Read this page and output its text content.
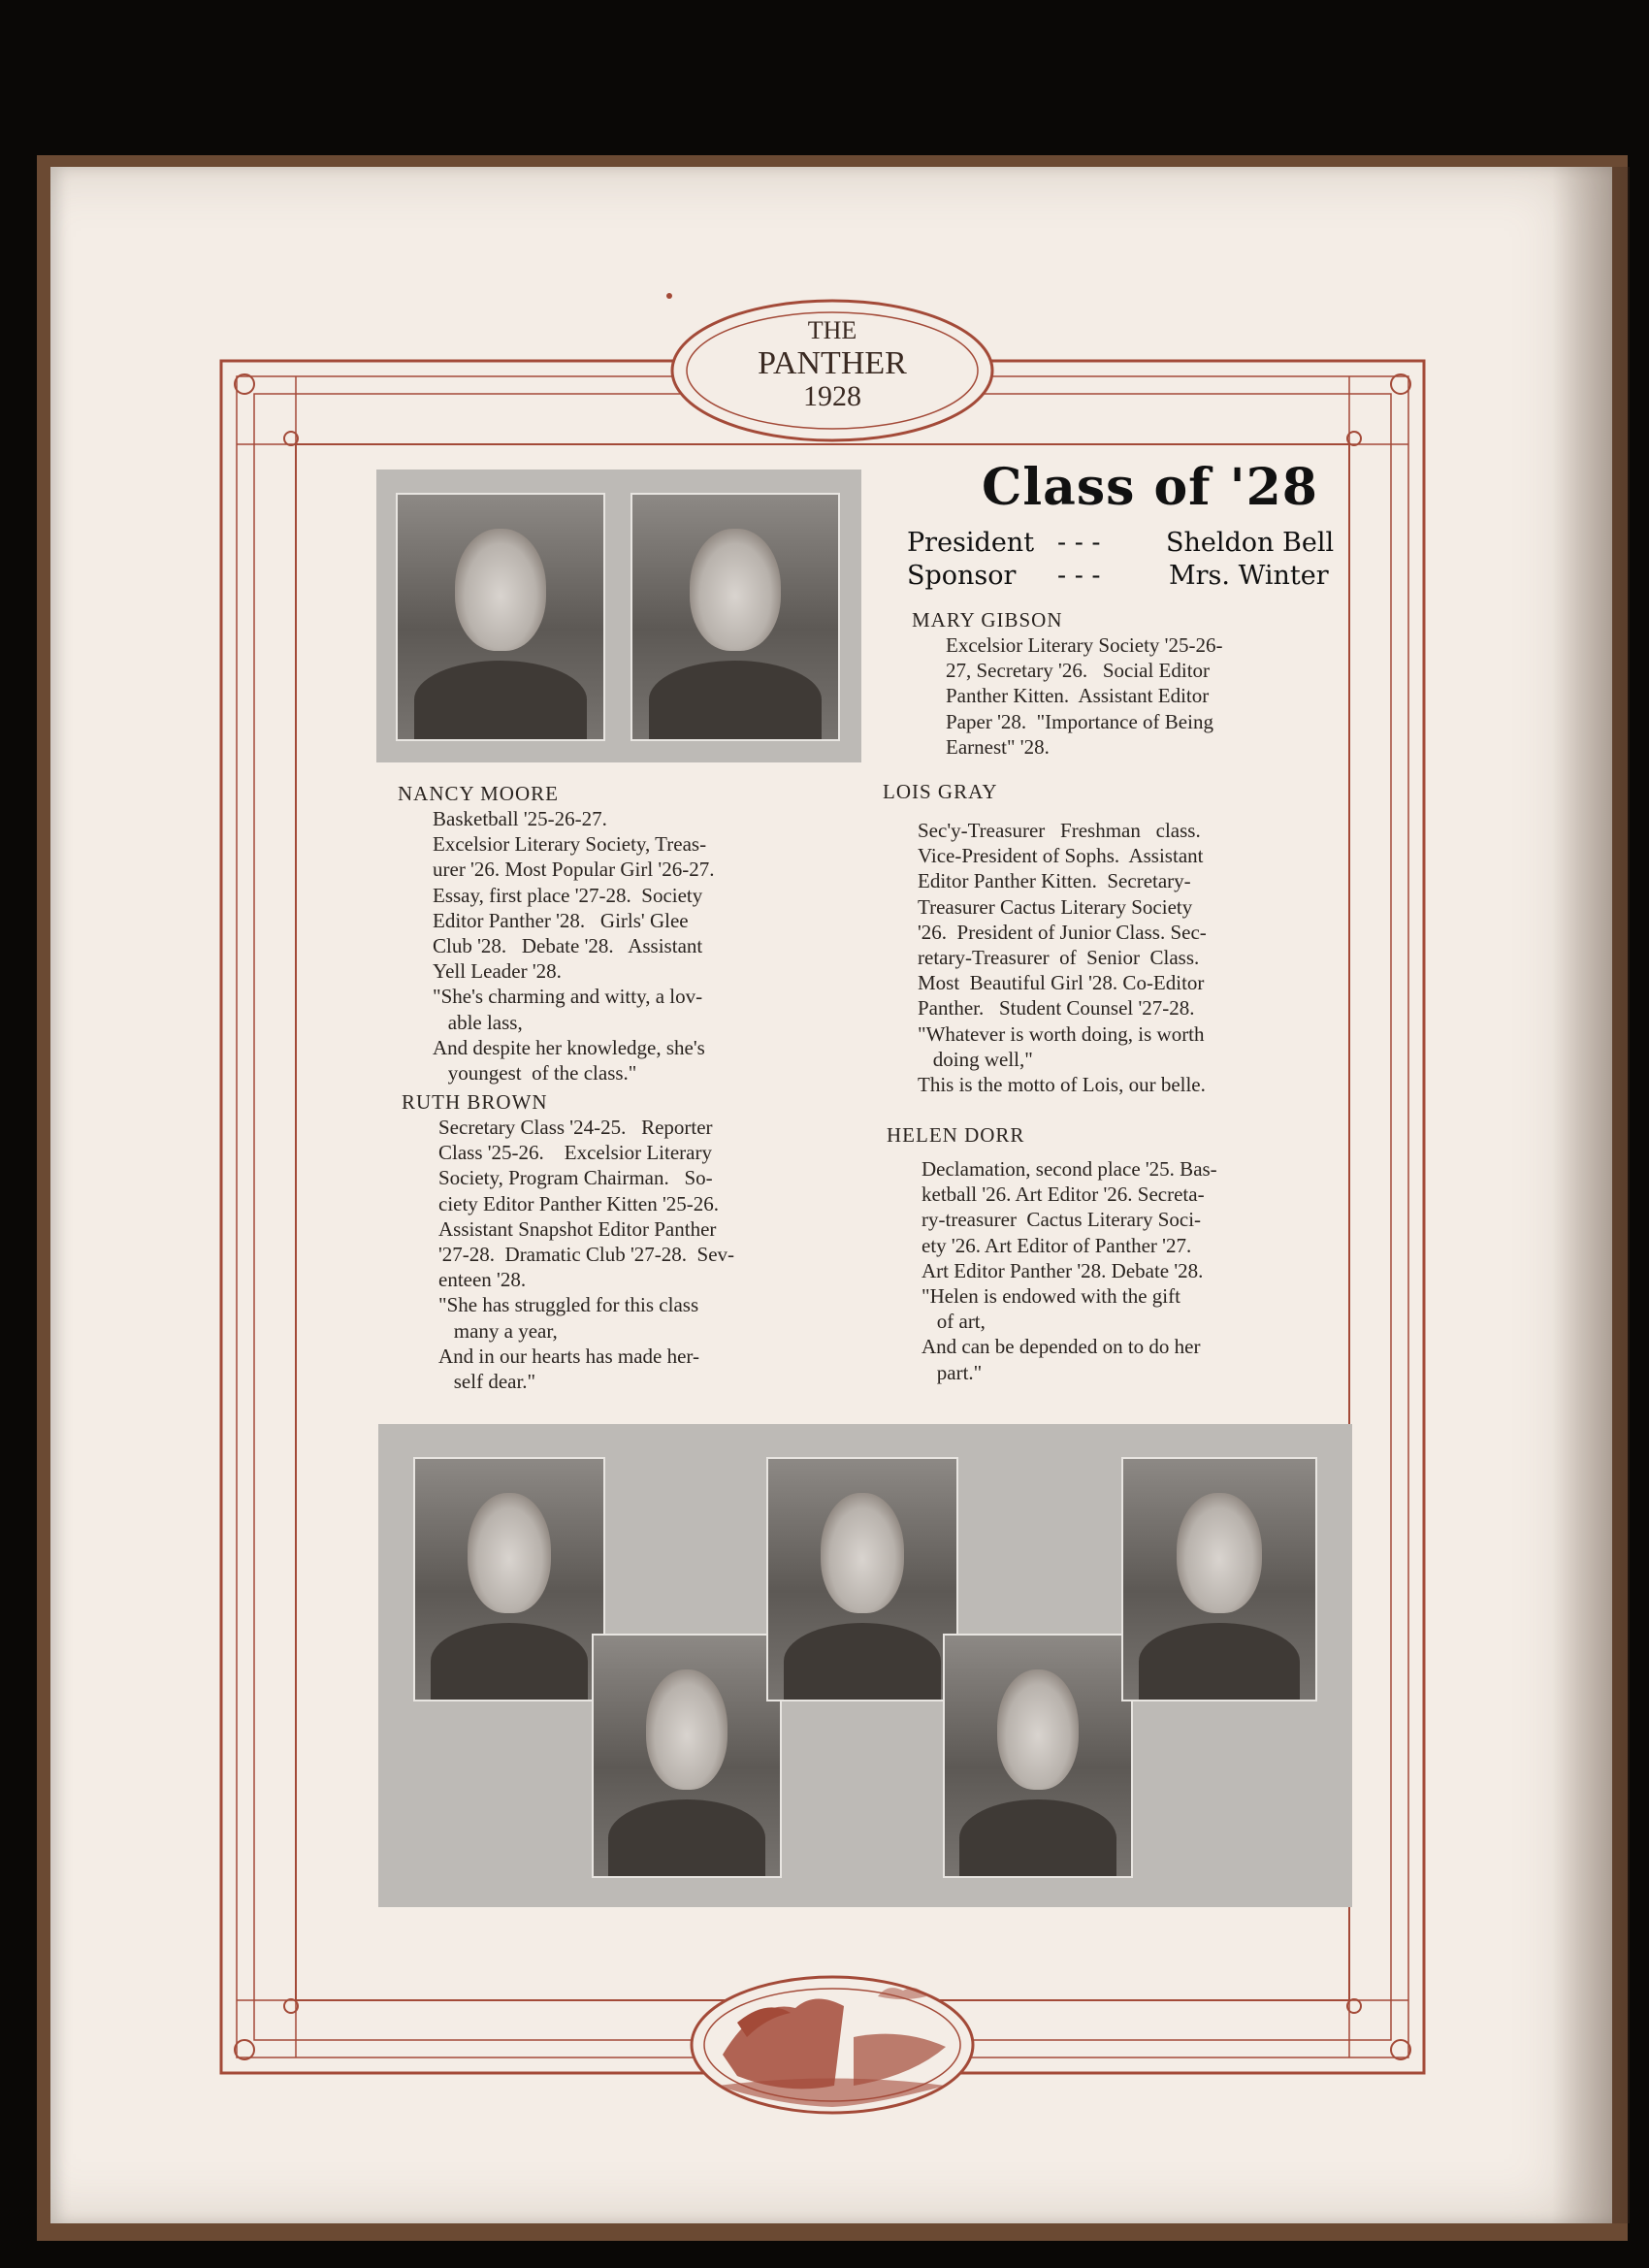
THE
PANTHER
1928
Class of '28
President - - - Sheldon Bell
Sponsor - - -	Mrs. Winter
MARY GIBSON
Excelsior Literary Society '25-26-
27, Secretary '26.   Social Editor
Panther Kitten.  Assistant Editor
Paper '28.  "Importance of Being
Earnest" '28.
NANCY MOORE
Basketball '25-26-27.
Excelsior Literary Society, Treas-
urer '26. Most Popular Girl '26-27.
Essay, first place '27-28.  Society
Editor Panther '28.   Girls' Glee
Club '28.   Debate '28.   Assistant
Yell Leader '28.
"She's charming and witty, a lov-
able lass,
And despite her knowledge, she's
youngest  of the class."
RUTH BROWN
Secretary Class '24-25.   Reporter
Class '25-26.    Excelsior Literary
Society, Program Chairman.   So-
ciety Editor Panther Kitten '25-26.
Assistant Snapshot Editor Panther
'27-28.  Dramatic Club '27-28.  Sev-
enteen '28.
"She has struggled for this class
many a year,
And in our hearts has made her-
self dear."
LOIS GRAY
Sec'y-Treasurer   Freshman   class.
Vice-President of Sophs.  Assistant
Editor Panther Kitten.  Secretary-
Treasurer Cactus Literary Society
'26.  President of Junior Class. Sec-
retary-Treasurer  of  Senior  Class.
Most  Beautiful Girl '28. Co-Editor
Panther.   Student Counsel '27-28.
"Whatever is worth doing, is worth
doing well,"
This is the motto of Lois, our belle.
HELEN DORR
Declamation, second place '25. Bas-
ketball '26. Art Editor '26. Secreta-
ry-treasurer  Cactus Literary Soci-
ety '26. Art Editor of Panther '27.
Art Editor Panther '28. Debate '28.
"Helen is endowed with the gift
of art,
And can be depended on to do her
part."
